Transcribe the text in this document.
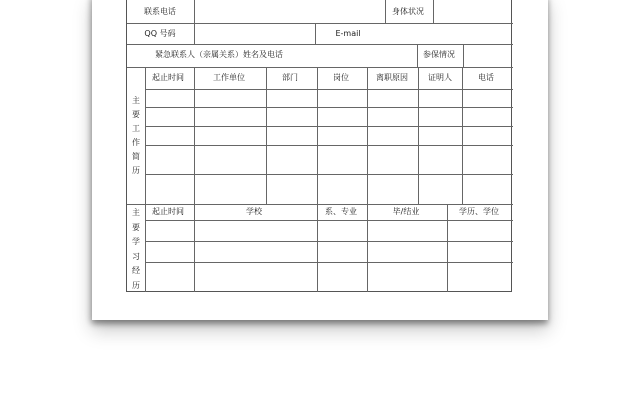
联系电话	身体状况
QQ 号码	E-mail
紧急联系人（亲属关系）姓名及电话	参保情况
起止时间	工作单位	部门	岗位	离职原因	证明人	电话
主要工作简历
起止时间	学校	系、专业	毕/结业	学历、学位
主要学习经历
